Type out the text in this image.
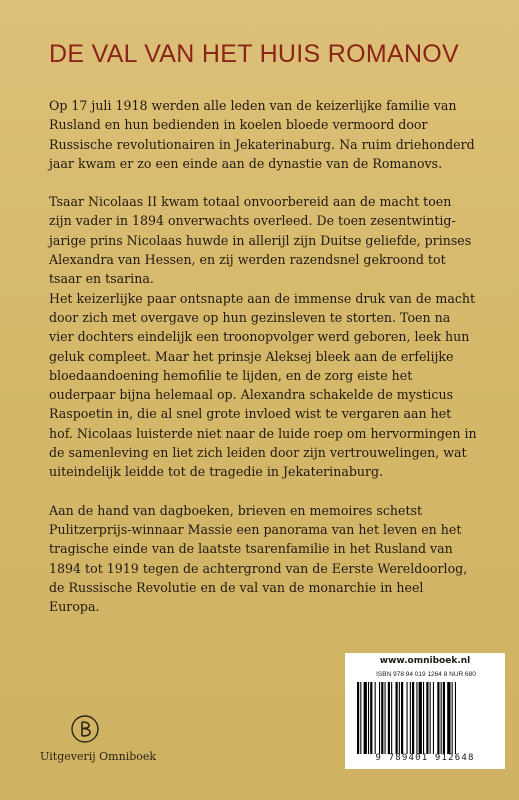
DE VAL VAN HET HUIS ROMANOV

Op 17 juli 1918 werden alle leden van de keizerlijke familie van Rusland en hun bedienden in koelen bloede vermoord door Russische revolutionairen in Jekaterinaburg. Na ruim driehonderd jaar kwam er zo een einde aan de dynastie van de Romanovs.

Tsaar Nicolaas II kwam totaal onvoorbereid aan de macht toen zijn vader in 1894 onverwachts overleed. De toen zesentwintig-jarige prins Nicolaas huwde in allerijl zijn Duitse geliefde, prinses Alexandra van Hessen, en zij werden razendsnel gekroond tot tsaar en tsarina.

Het keizerlijke paar ontsnapte aan de immense druk van de macht door zich met overgave op hun gezinsleven te storten. Toen na vier dochters eindelijk een troonopvolger werd geboren, leek hun geluk compleet. Maar het prinsje Aleksej bleek aan de erfelijke bloedaandoening hemofilie te lijden, en de zorg eiste het ouderpaar bijna helemaal op. Alexandra schakelde de mysticus Raspoetin in, die al snel grote invloed wist te vergaren aan het hof. Nicolaas luisterde niet naar de luide roep om hervormingen in de samenleving en liet zich leiden door zijn vertrouwelingen, wat uiteindelijk leidde tot de tragedie in Jekaterinaburg.

Aan de hand van dagboeken, brieven en memoires schetst Pulitzerprijs-winnaar Massie een panorama van het leven en het tragische einde van de laatste tsarenfamilie in het Rusland van 1894 tot 1919 tegen de achtergrond van de Eerste Wereldoorlog, de Russische Revolutie en de val van de monarchie in heel Europa.

Uitgeverij Omniboek
www.omniboek.nl
ISBN 978 94 019 1264 8 NUR 680
9 789401 912648
